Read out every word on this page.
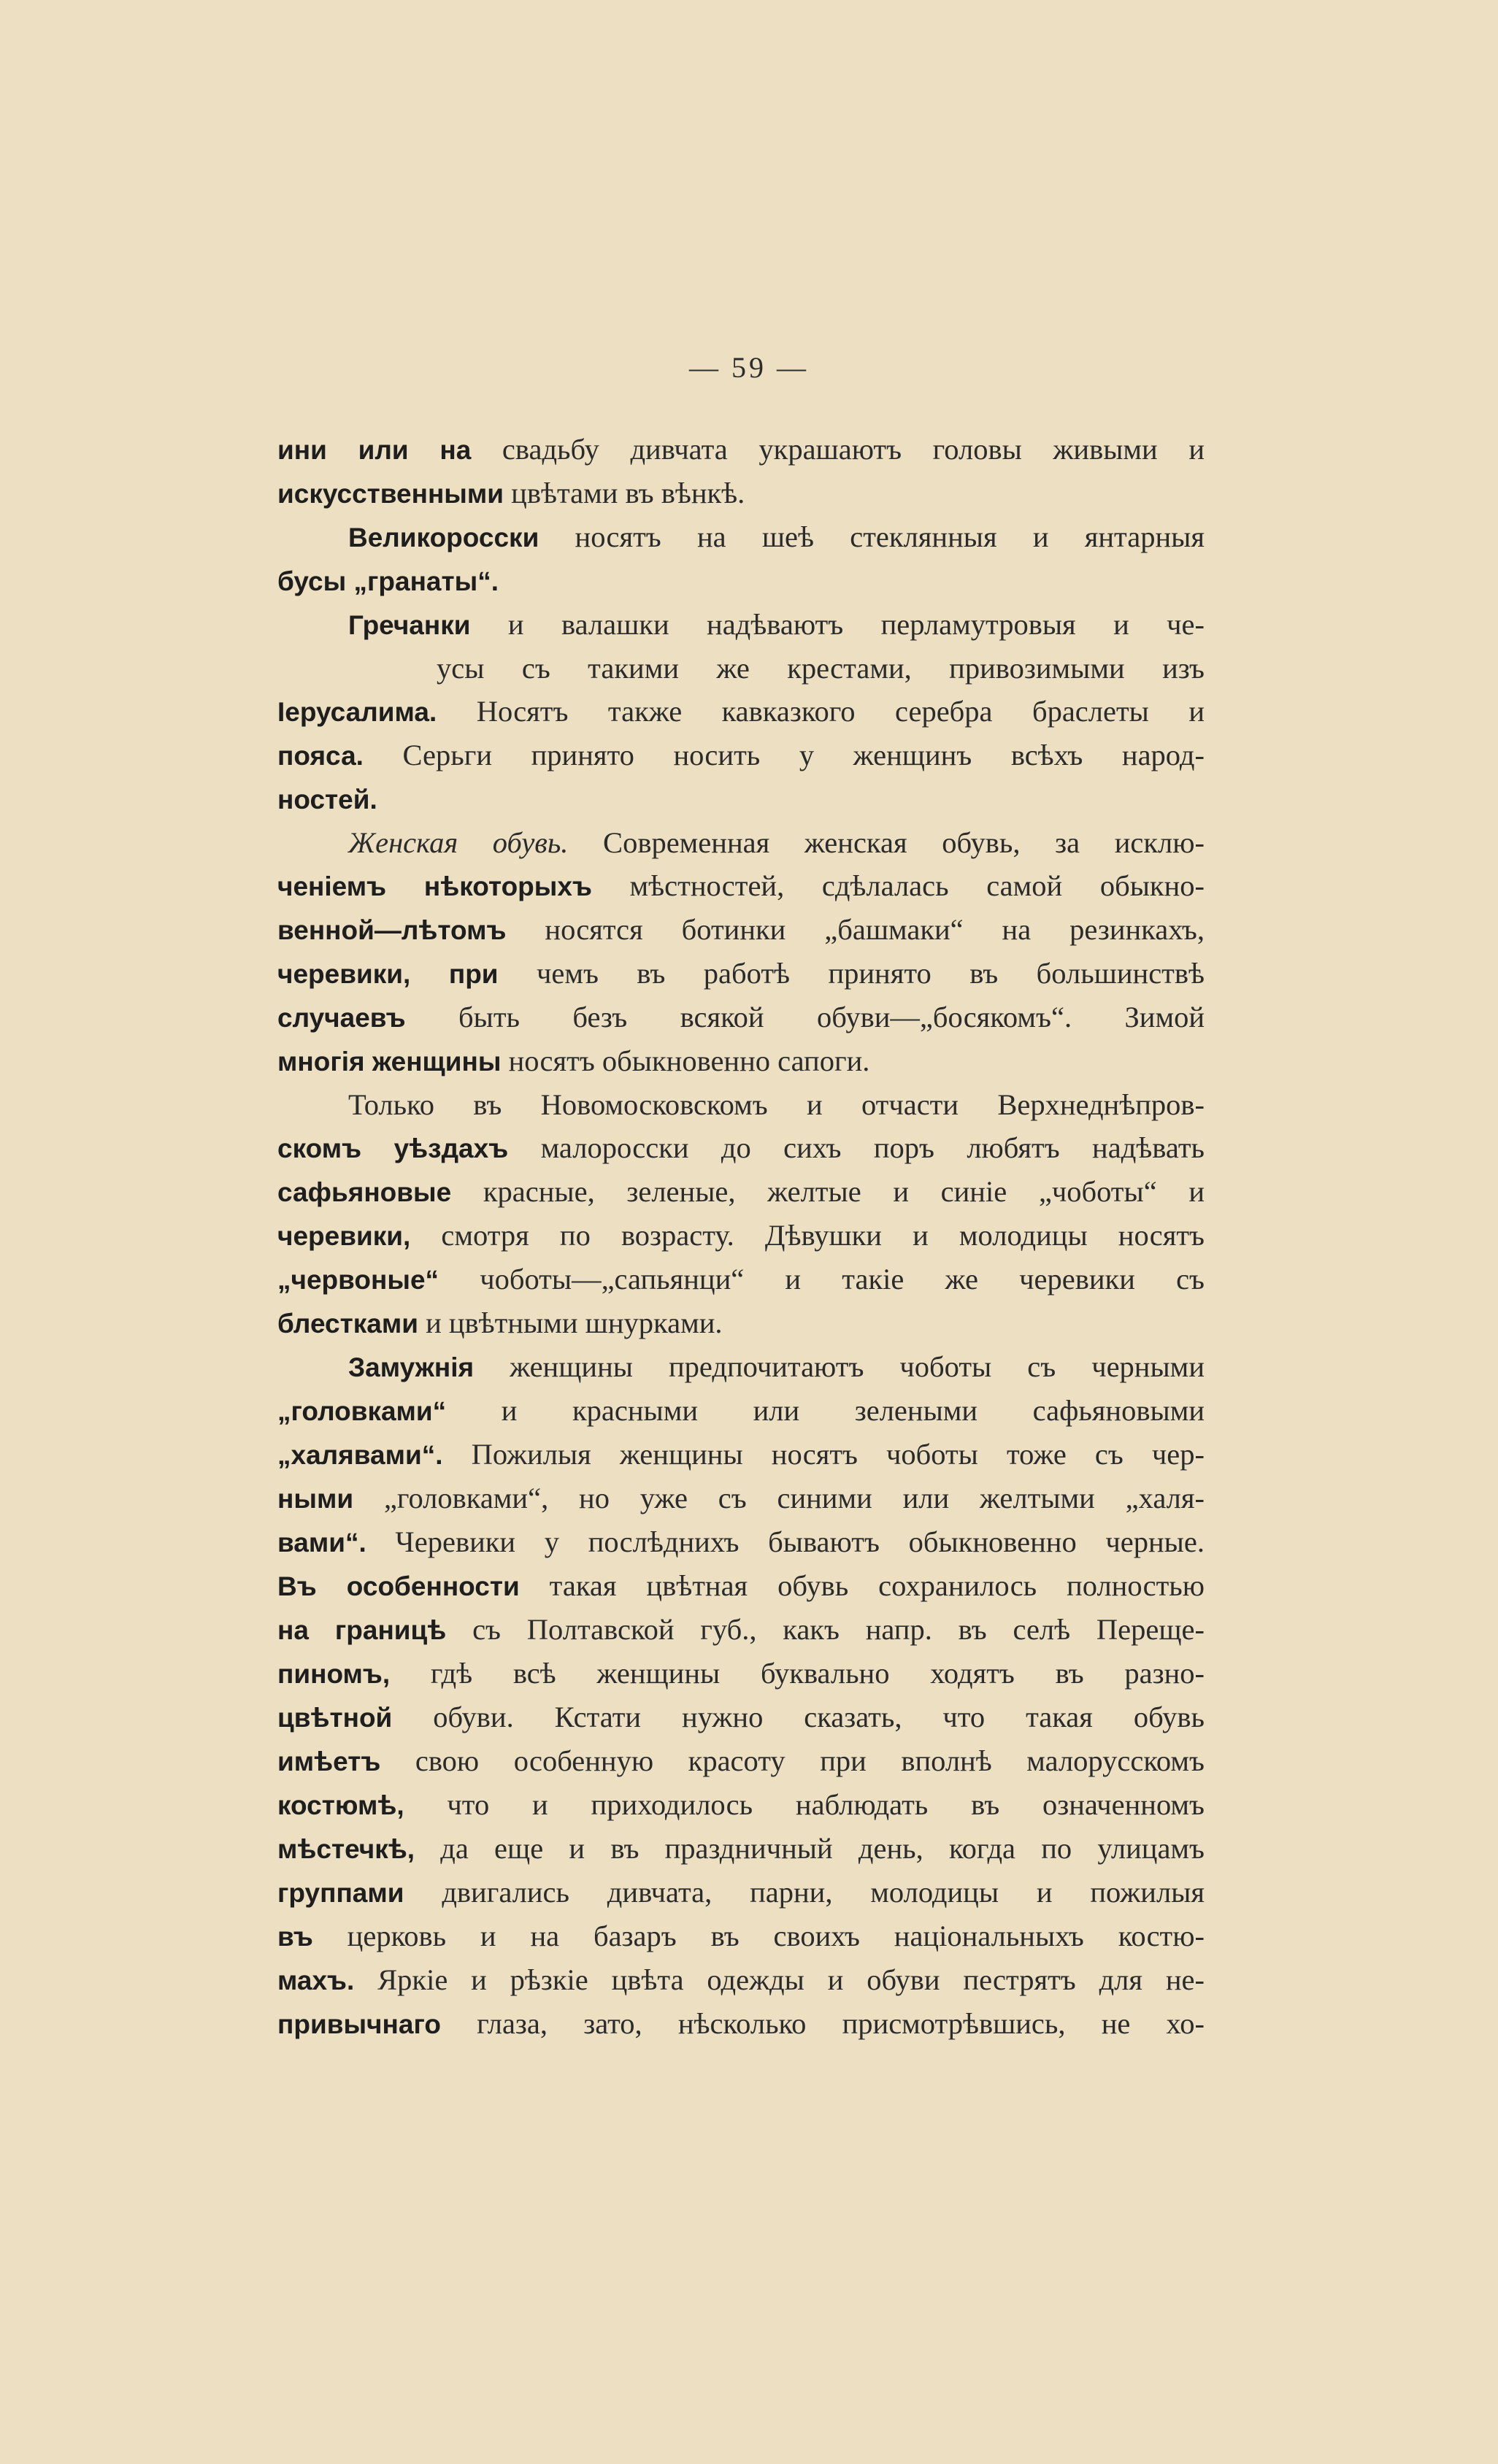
— 59 —
ини или на свадьбу дивчата украшаютъ головы живыми и
искусственными цвѣтами въ вѣнкѣ.
Великоросски носятъ на шеѣ стеклянныя и янтарныя
бусы „гранаты“.
Гречанки и валашки надѣваютъ перламутровыя и че-
усы съ такими же крестами, привозимыми изъ
Іерусалима. Носятъ также кавказкого серебра браслеты и
пояса. Серьги принято носить у женщинъ всѣхъ народ-
ностей.
Женская обувь. Современная женская обувь, за исклю-
ченіемъ нѣкоторыхъ мѣстностей, сдѣлалась самой обыкно-
венной—лѣтомъ носятся ботинки „башмаки“ на резинкахъ,
черевики, при чемъ въ работѣ принято въ большинствѣ
случаевъ быть безъ всякой обуви—„босякомъ“. Зимой
многія женщины носятъ обыкновенно сапоги.
Только въ Новомосковскомъ и отчасти Верхнеднѣпров-
скомъ уѣздахъ малоросски до сихъ поръ любятъ надѣвать
сафьяновые красные, зеленые, желтые и синіе „чоботы“ и
черевики, смотря по возрасту. Дѣвушки и молодицы носятъ
„червоные“ чоботы—„сапьянци“ и такіе же черевики съ
блестками и цвѣтными шнурками.
Замужнія женщины предпочитаютъ чоботы съ черными
„головками“ и красными или зелеными сафьяновыми
„халявами“. Пожилыя женщины носятъ чоботы тоже съ чер-
ными „головками“, но уже съ синими или желтыми „халя-
вами“. Черевики у послѣднихъ бываютъ обыкновенно черные.
Въ особенности такая цвѣтная обувь сохранилось полностью
на границѣ съ Полтавской губ., какъ напр. въ селѣ Перещe-
пиномъ, гдѣ всѣ женщины буквально ходятъ въ разно-
цвѣтной обуви. Кстати нужно сказать, что такая обувь
имѣетъ свою особенную красоту при вполнѣ малорусскомъ
костюмѣ, что и приходилось наблюдать въ означенномъ
мѣстечкѣ, да еще и въ праздничный день, когда по улицамъ
группами двигались дивчата, парни, молодицы и пожилыя
въ церковь и на базаръ въ своихъ національныхъ костю-
махъ. Яркіе и рѣзкіе цвѣта одежды и обуви пестрятъ для не-
привычнаго глаза, зато, нѣсколько присмотрѣвшись, не хо-
